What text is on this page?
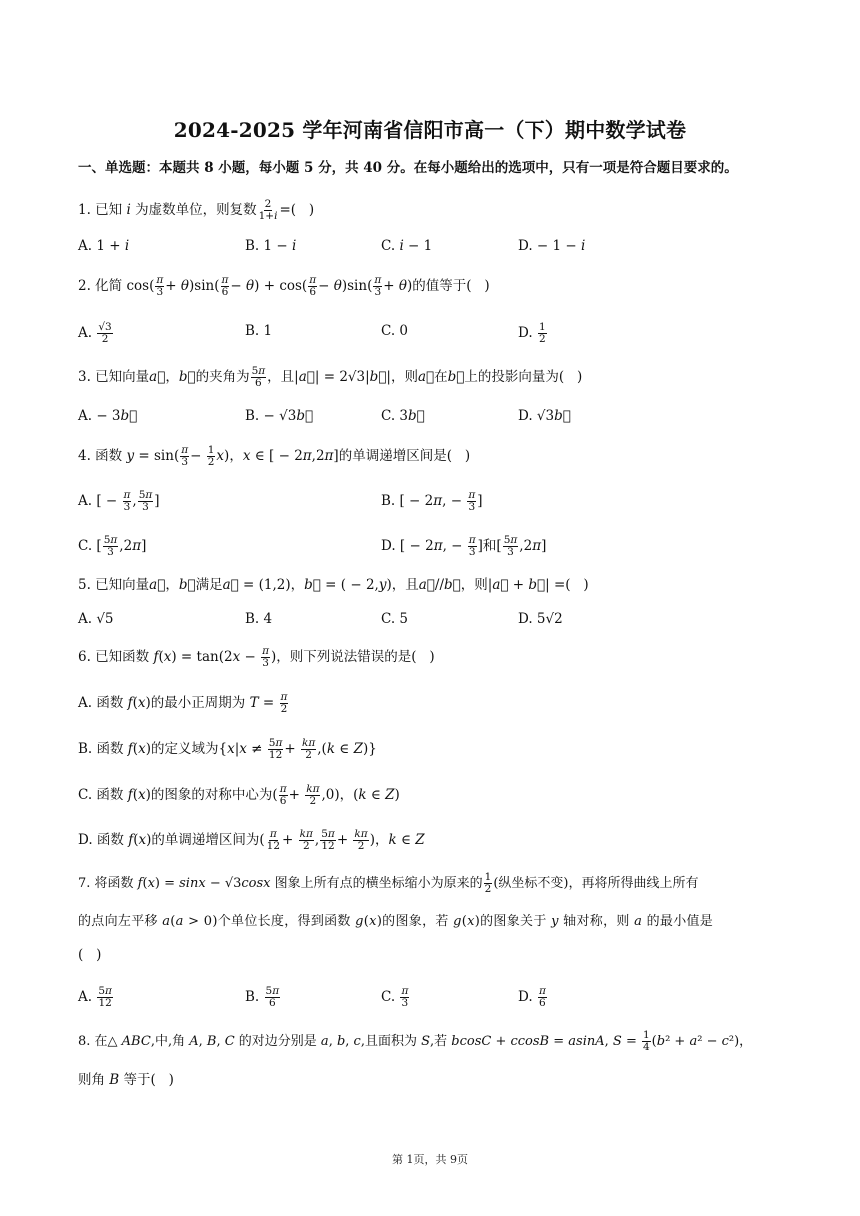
2024-2025 学年河南省信阳市高一（下）期中数学试卷
一、单选题：本题共 8 小题，每小题 5 分，共 40 分。在每小题给出的选项中，只有一项是符合题目要求的。
1. 已知 i 为虚数单位，则复数 $\frac{2}{1+i}$ =(   )
A. 1 + i	B. 1 − i	C. i − 1	D. − 1 − i
2. 化简 $\cos( \frac{\pi}{3} + \theta)\sin( \frac{\pi}{6} - \theta) + \cos( \frac{\pi}{6} - \theta)\sin( \frac{\pi}{3} + \theta)$的值等于(   )
A. $\frac{√3}{2}$	B. 1	C. 0	D. $\frac{1}{2}$
3. 已知向量a⃗，b⃗的夹角为 $\frac{5\pi}{6}$ ，且|a⃗| = 2√3|b⃗|，则a⃗在b⃗上的投影向量为(   )
A. − 3b⃗	B. − √3b⃗	C. 3b⃗	D. √3b⃗
4. 函数 $y = \sin( \frac{\pi}{3} - \frac{1}{2} x)$，x ∈ [ − 2π,2π]的单调递增区间是(   )
A. [ − $\frac{\pi}{3}$ , $\frac{5\pi}{3}$ ]	B. [ − 2π, − $\frac{\pi}{3}$ ]
C. [ $\frac{5\pi}{3} ,2\pi$]	D. [ − 2π, − $\frac{\pi}{3}$ ]和[ $\frac{5\pi}{3} ,2\pi$]
5. 已知向量a⃗，b⃗满足a⃗ = (1,2)，b⃗ = ( − 2,y)，且a⃗//b⃗，则|a⃗ + b⃗| =(   )
A. √5	B. 4	C. 5	D. 5√2
6. 已知函数 $f(x) = \tan(2x - \frac{\pi}{3}$ )，则下列说法错误的是(   )
A. 函数 f(x)的最小正周期为 $T = \frac{\pi}{2}$
B. 函数 f(x)的定义域为{$x|x \ne \frac{5\pi}{12} + \frac{k\pi}{2} ,(k$ ∈ Z)}
C. 函数 f(x)的图象的对称中心为( $\frac{\pi}{6} + \frac{k\pi}{2} ,0$)，(k ∈ Z)
D. 函数 f(x)的单调递增区间为( $\frac{\pi}{12} + \frac{k\pi}{2}$ , $\frac{5\pi}{12} + \frac{k\pi}{2}$ )，k ∈ Z
7. 将函数 f(x) = sinx − √3cosx 图象上所有点的横坐标缩小为原来的 $\frac{1}{2}$ (纵坐标不变)，再将所得曲线上所有
的点向左平移 a(a > 0)个单位长度，得到函数 g(x)的图象，若 g(x)的图象关于 y 轴对称，则 a 的最小值是
(   )
A. $\frac{5\pi}{12}$	B. $\frac{5\pi}{6}$	C. $\frac{\pi}{3}$	D. $\frac{\pi}{6}$
8. 在△ ABC,中,角 A, B, C 的对边分别是 a, b, c,且面积为 S,若 bcosC + ccosB = asinA, $S = \frac{1}{4} (b^2 + a^2 - c^2)$，
则角 B 等于(   )
第 1页，共 9页
